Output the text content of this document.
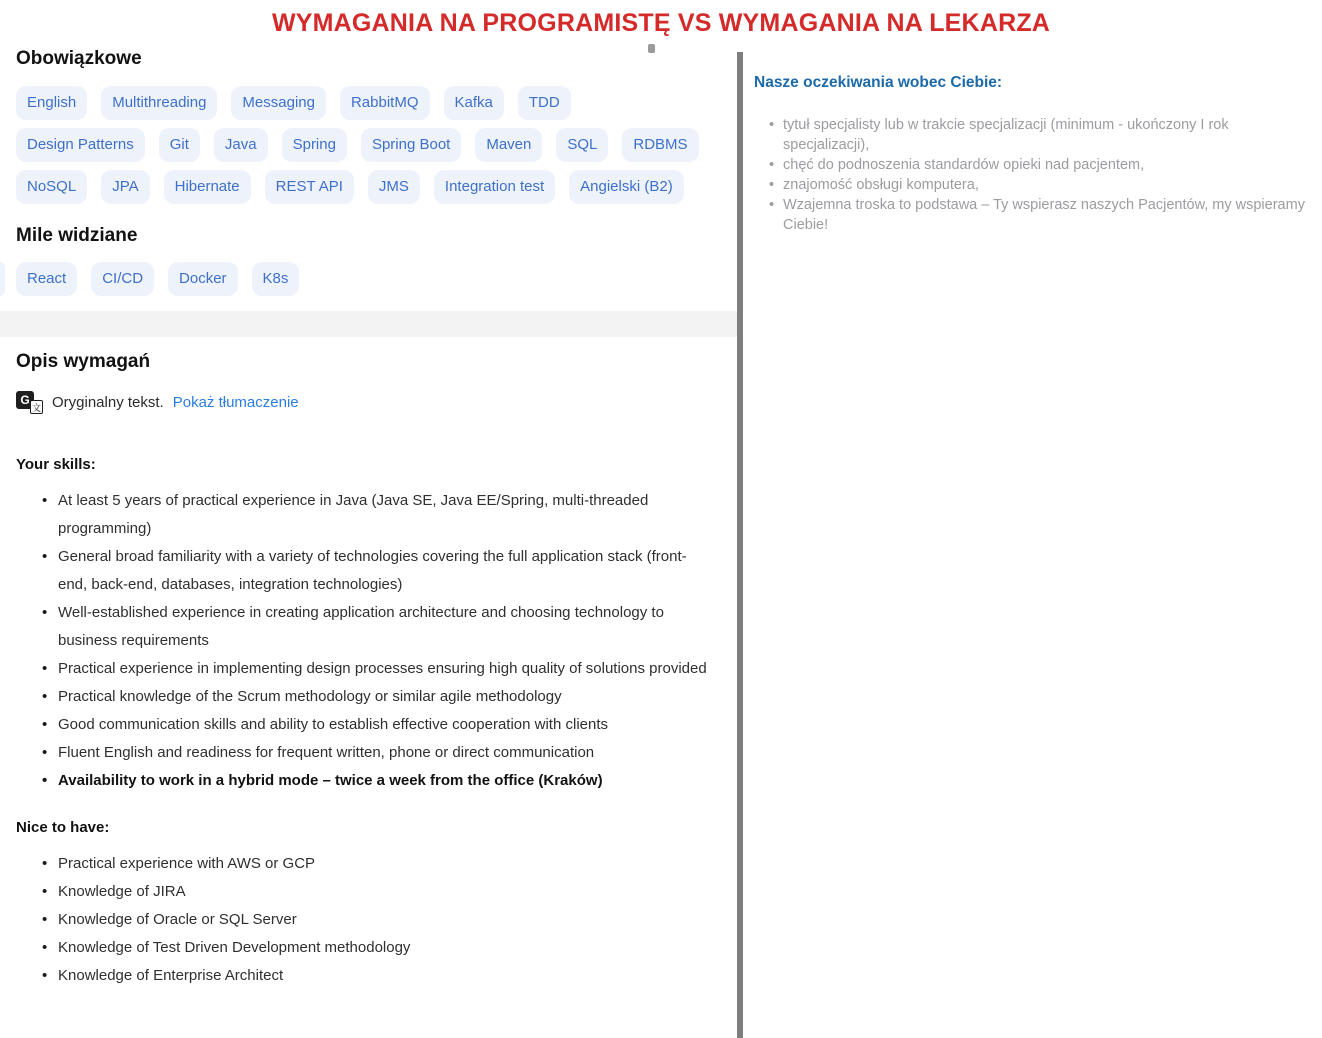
WYMAGANIA NA PROGRAMISTĘ VS WYMAGANIA NA LEKARZA
Obowiązkowe
English	Multithreading	Messaging	RabbitMQ	Kafka	TDD
Design Patterns	Git	Java	Spring	Spring Boot	Maven	SQL	RDBMS
NoSQL	JPA	Hibernate	REST API	JMS	Integration test	Angielski (B2)
Mile widziane
React	CI/CD	Docker	K8s
Opis wymagań
G
文 Oryginalny tekst. Pokaż tłumaczenie
Your skills:
• At least 5 years of practical experience in Java (Java SE, Java EE/Spring, multi-threaded programming)
• General broad familiarity with a variety of technologies covering the full application stack (front-end, back-end, databases, integration technologies)
• Well-established experience in creating application architecture and choosing technology to business requirements
• Practical experience in implementing design processes ensuring high quality of solutions provided
• Practical knowledge of the Scrum methodology or similar agile methodology
• Good communication skills and ability to establish effective cooperation with clients
• Fluent English and readiness for frequent written, phone or direct communication
• Availability to work in a hybrid mode – twice a week from the office (Kraków)
Nice to have:
• Practical experience with AWS or GCP
• Knowledge of JIRA
• Knowledge of Oracle or SQL Server
• Knowledge of Test Driven Development methodology
• Knowledge of Enterprise Architect
Nasze oczekiwania wobec Ciebie:
• tytuł specjalisty lub w trakcie specjalizacji (minimum - ukończony I rok specjalizacji),
• chęć do podnoszenia standardów opieki nad pacjentem,
• znajomość obsługi komputera,
• Wzajemna troska to podstawa – Ty wspierasz naszych Pacjentów, my wspieramy Ciebie!
